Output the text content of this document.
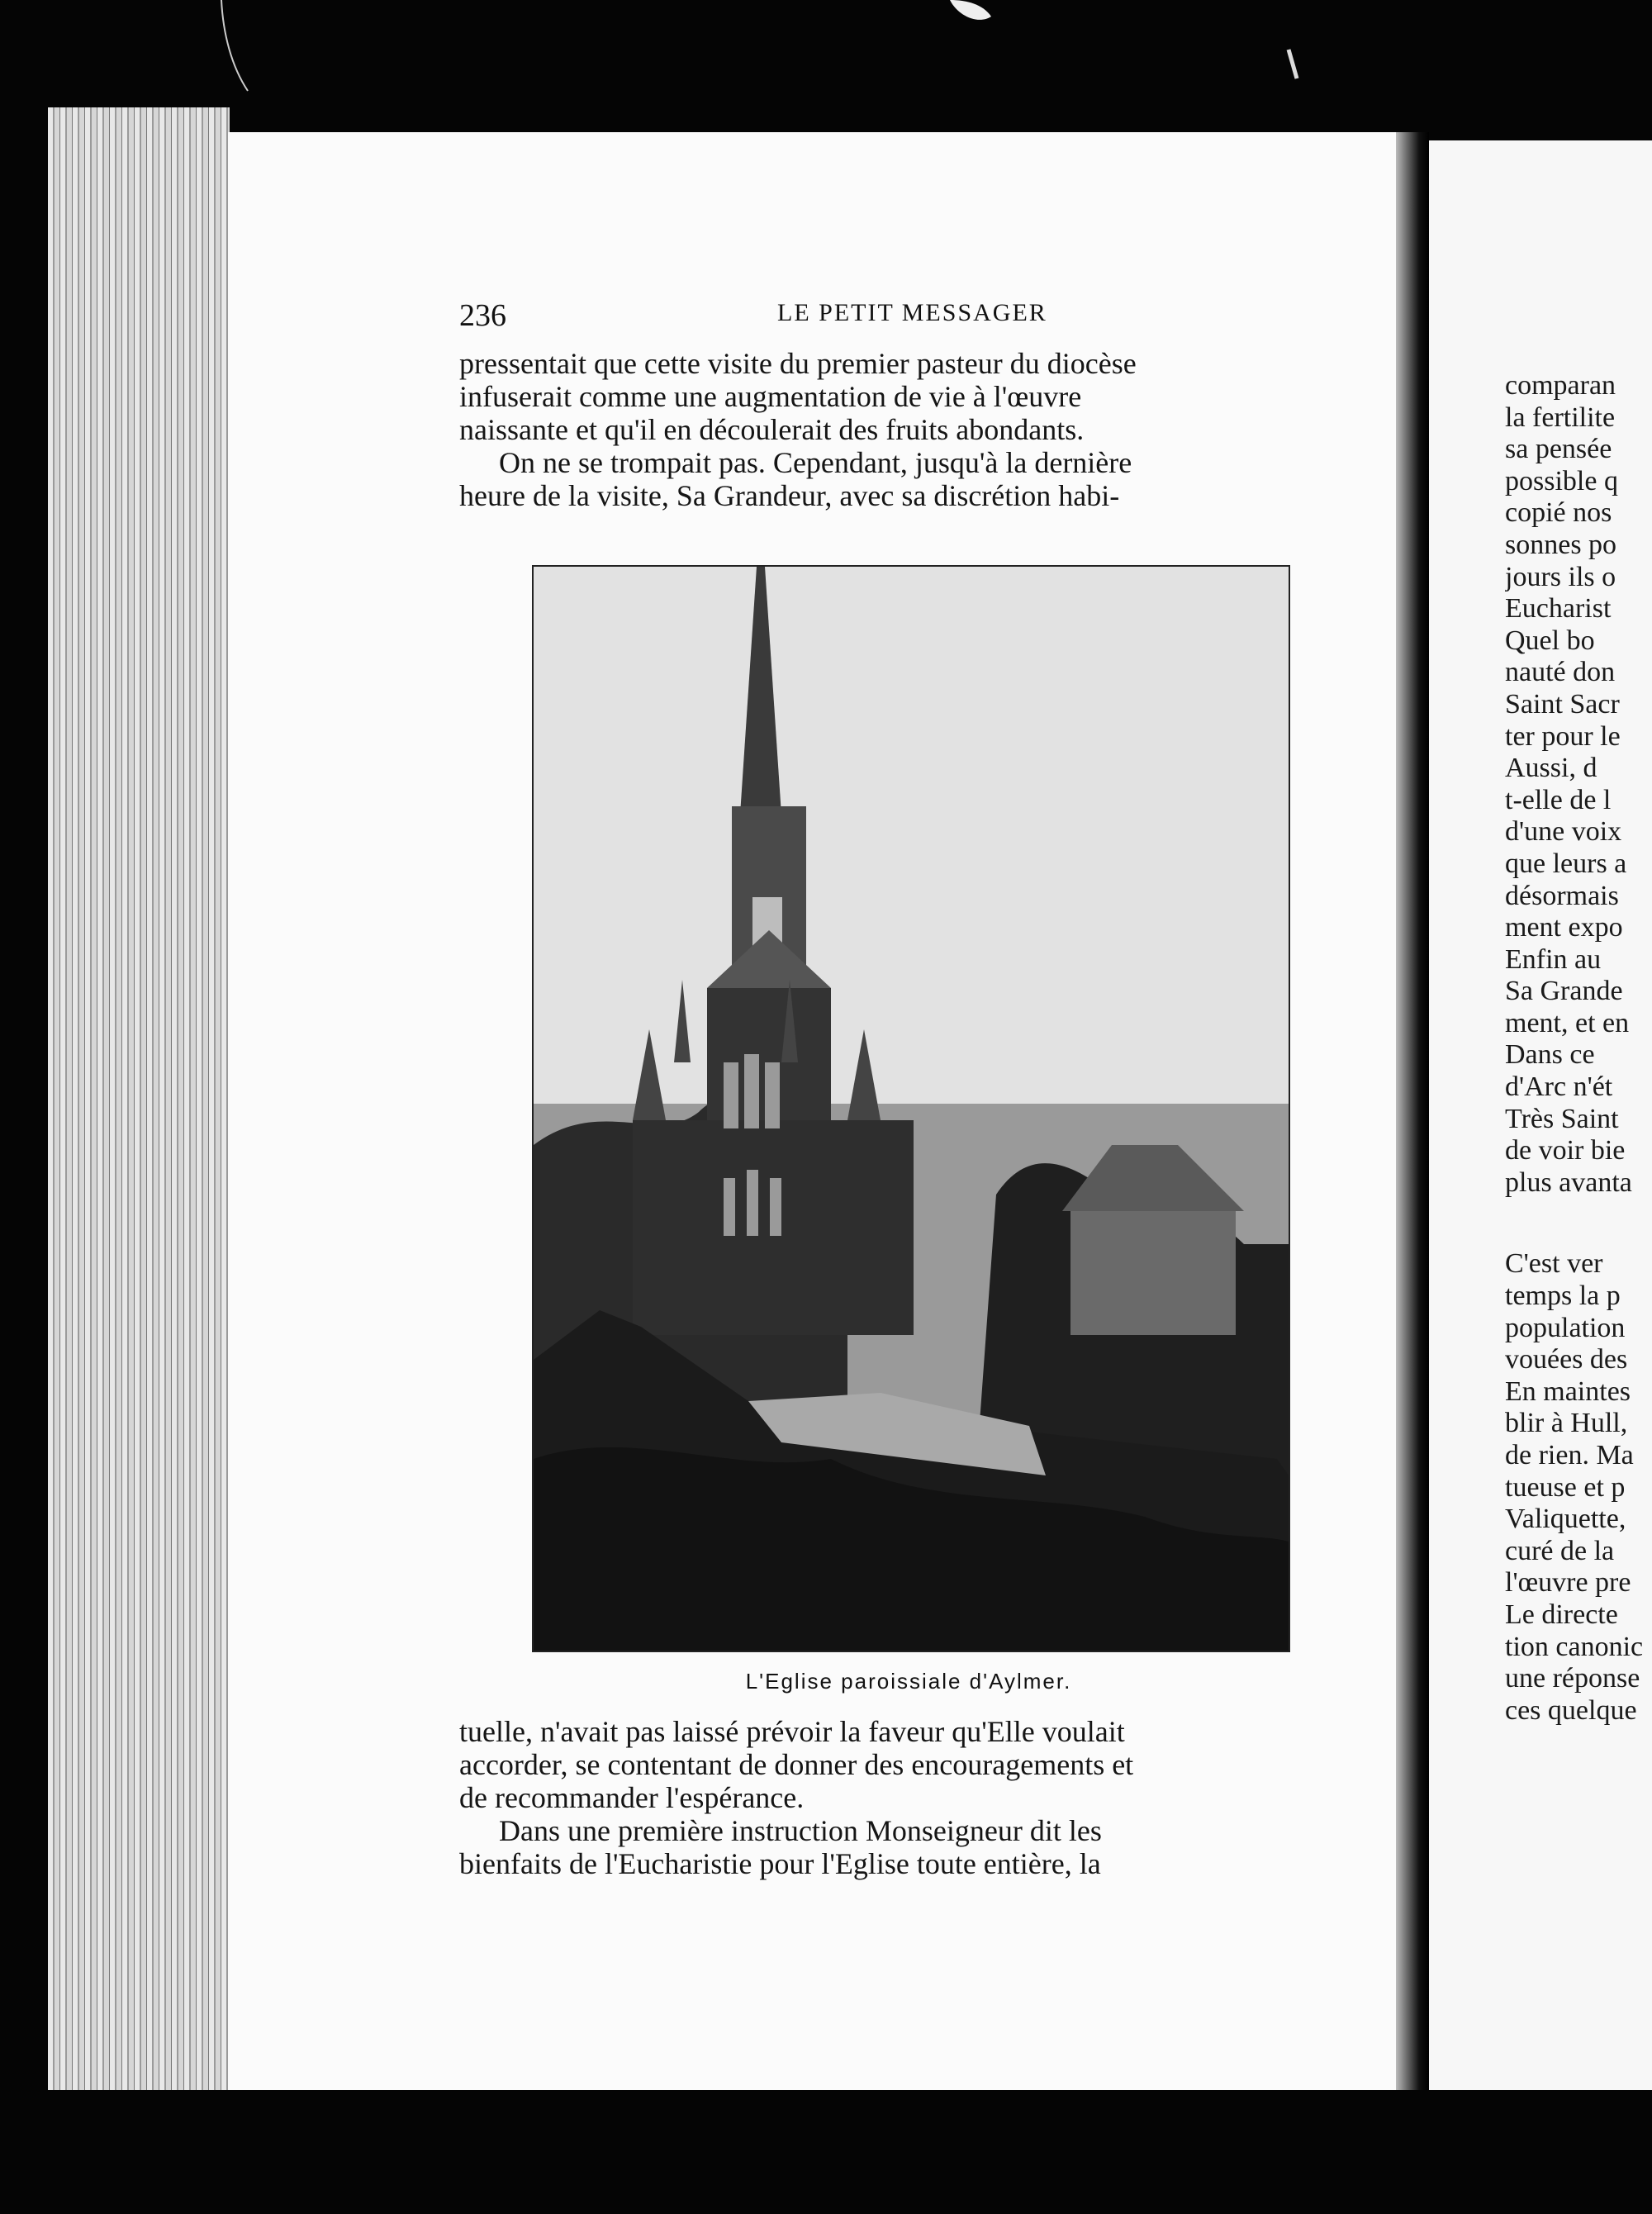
236	LE PETIT MESSAGER
pressentait que cette visite du premier pasteur du diocèse
infuserait comme une augmentation de vie à l'œuvre
naissante et qu'il en découlerait des fruits abondants.
On ne se trompait pas. Cependant, jusqu'à la dernière
heure de la visite, Sa Grandeur, avec sa discrétion habi-
L'Eglise paroissiale d'Aylmer.
tuelle, n'avait pas laissé prévoir la faveur qu'Elle voulait
accorder, se contentant de donner des encouragements et
de recommander l'espérance.
Dans une première instruction Monseigneur dit les
bienfaits de l'Eucharistie pour l'Eglise toute entière, la
comparan
la fertilite
sa pensée
possible q
copié nos
sonnes po
jours ils o
Eucharist
Quel bo
nauté don
Saint Sacr
ter pour le
Aussi, d
t-elle de l
d'une voix
que leurs a
désormais
ment expo
Enfin au
Sa Grande
ment, et en
Dans ce
d'Arc n'ét
Très Saint
de voir bie
plus avanta
C'est ver
temps la p
population
vouées des
En maintes
blir à Hull,
de rien. Ma
tueuse et p
Valiquette,
curé de la
l'œuvre pre
Le directe
tion canonic
une réponse
ces quelque
